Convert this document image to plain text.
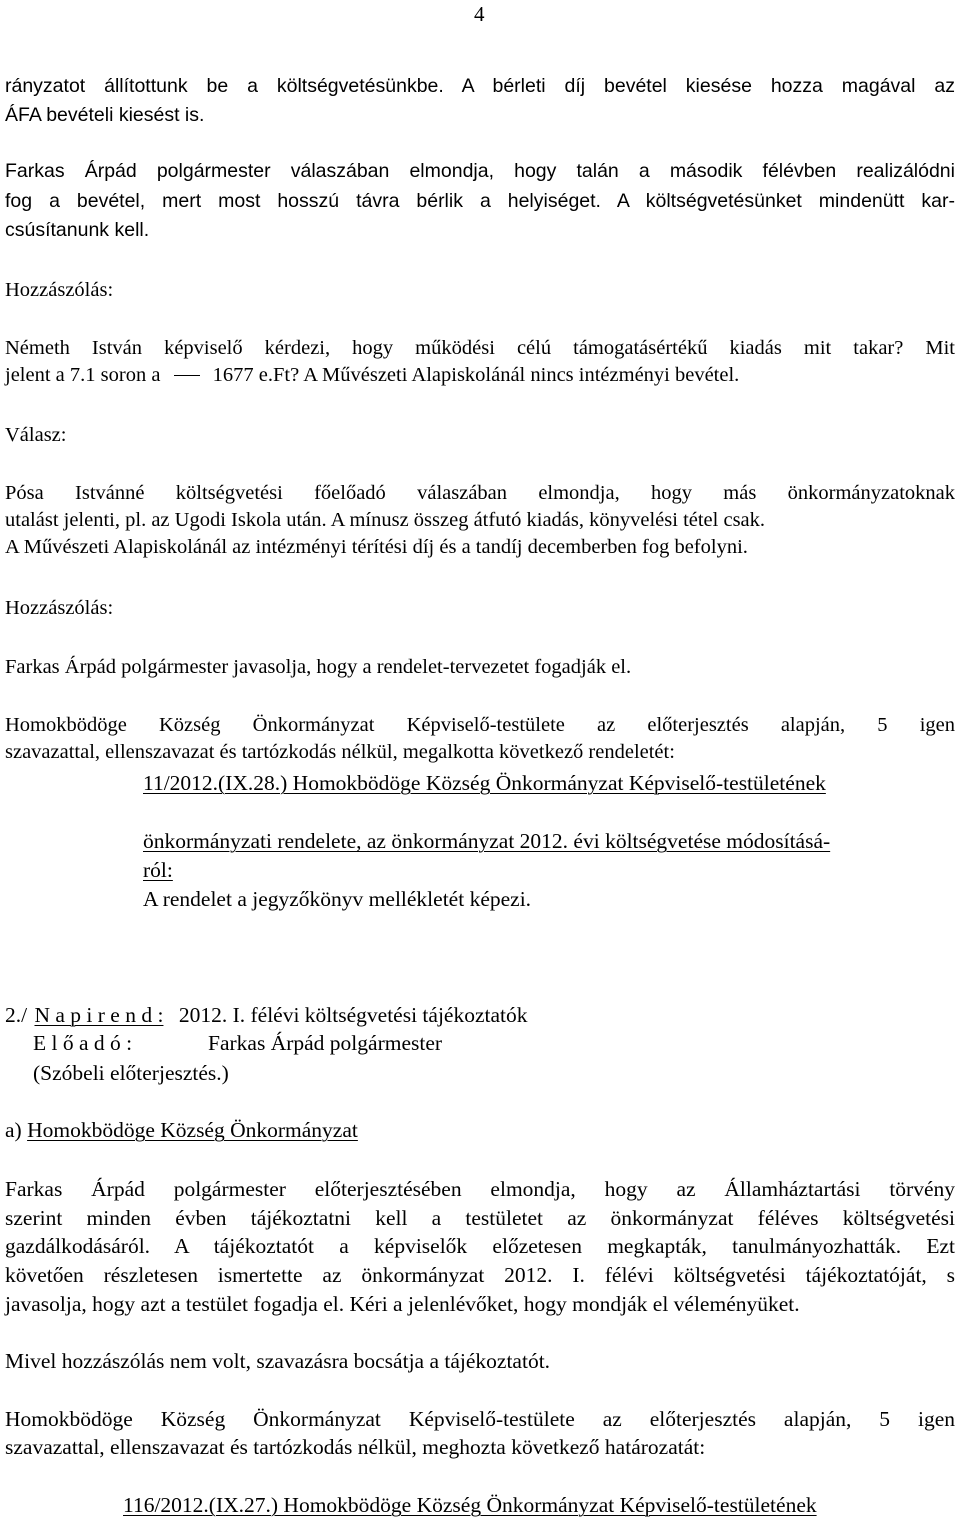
4
rányzatot állítottunk be a költségvetésünkbe. A bérleti díj bevétel kiesése hozza magával az
ÁFA bevételi kiesést is.
Farkas Árpád polgármester válaszában elmondja, hogy talán a második félévben realizálódni
fog a bevétel, mert most hosszú távra bérlik a helyiséget. A költségvetésünket mindenütt kar-
csúsítanunk kell.
Hozzászólás:
Németh István képviselő kérdezi, hogy működési célú támogatásértékű kiadás mit takar? Mit
jelent a 7.1 soron a	1677 e.Ft? A Művészeti Alapiskolánál nincs intézményi bevétel.
Válasz:
Pósa Istvánné költségvetési főelőadó válaszában elmondja, hogy más önkormányzatoknak
utalást jelenti, pl. az Ugodi Iskola után. A mínusz összeg átfutó kiadás, könyvelési tétel csak.
A Művészeti Alapiskolánál az intézményi térítési díj és a tandíj decemberben fog befolyni.
Hozzászólás:
Farkas Árpád polgármester javasolja, hogy a rendelet-tervezetet fogadják el.
Homokbödöge Község Önkormányzat Képviselő-testülete az előterjesztés alapján, 5 igen
szavazattal, ellenszavazat és tartózkodás nélkül, megalkotta következő rendeletét:
11/2012.(IX.28.) Homokbödöge Község Önkormányzat Képviselő-testületének
önkormányzati rendelete, az önkormányzat 2012. évi költségvetése módosításá-
ról:
A rendelet a jegyzőkönyv mellékletét képezi.
2./ N a p i r e n d : 2012. I. félévi költségvetési tájékoztatók
E l ő a d ó :	Farkas Árpád polgármester
(Szóbeli előterjesztés.)
a) Homokbödöge Község Önkormányzat
Farkas Árpád polgármester előterjesztésében elmondja, hogy az Államháztartási törvény
szerint minden évben tájékoztatni kell a testületet az önkormányzat féléves költségvetési
gazdálkodásáról. A tájékoztatót a képviselők előzetesen megkapták, tanulmányozhatták. Ezt
követően részletesen ismertette az önkormányzat 2012. I. félévi költségvetési tájékoztatóját, s
javasolja, hogy azt a testület fogadja el. Kéri a jelenlévőket, hogy mondják el véleményüket.
Mivel hozzászólás nem volt, szavazásra bocsátja a tájékoztatót.
Homokbödöge Község Önkormányzat Képviselő-testülete az előterjesztés alapján, 5 igen
szavazattal, ellenszavazat és tartózkodás nélkül, meghozta következő határozatát:
116/2012.(IX.27.) Homokbödöge Község Önkormányzat Képviselő-testületének
